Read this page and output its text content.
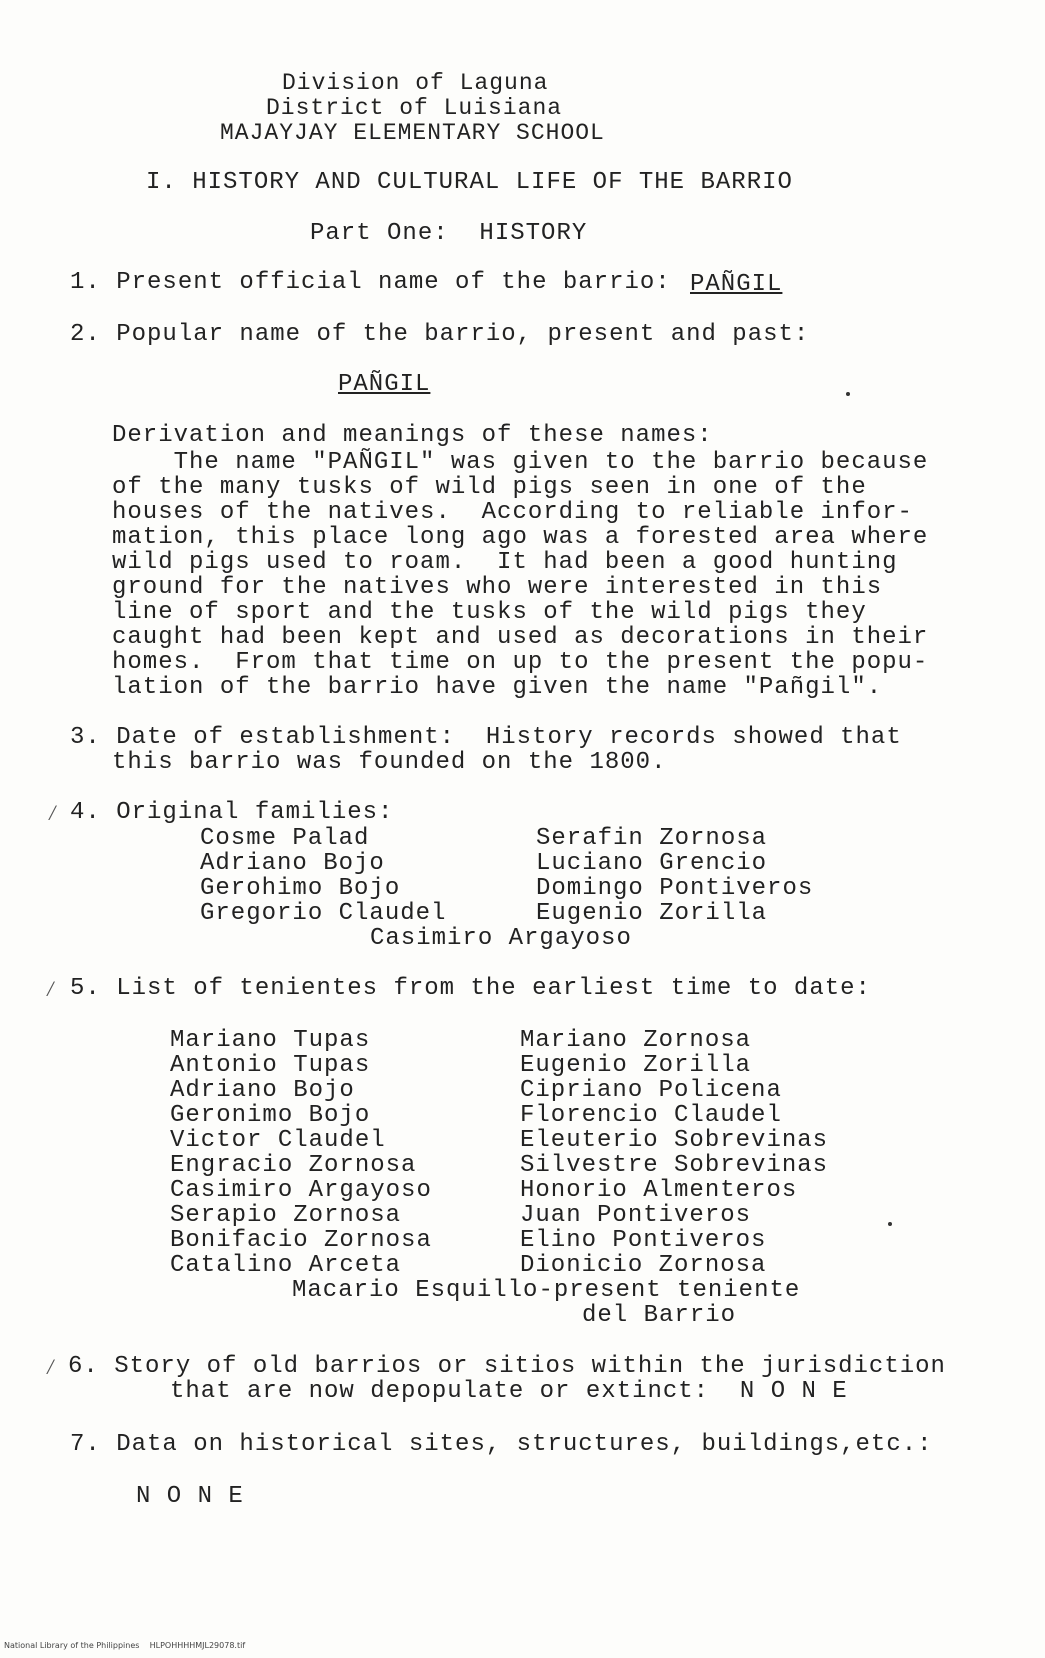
Division of Laguna
District of Luisiana
MAJAYJAY ELEMENTARY SCHOOL
I. HISTORY AND CULTURAL LIFE OF THE BARRIO
Part One:  HISTORY
1. Present official name of the barrio: PAÑGIL
2. Popular name of the barrio, present and past:
PAÑGIL
Derivation and meanings of these names:
The name "PAÑGIL" was given to the barrio because
of the many tusks of wild pigs seen in one of the
houses of the natives.  According to reliable infor-
mation, this place long ago was a forested area where
wild pigs used to roam.  It had been a good hunting
ground for the natives who were interested in this
line of sport and the tusks of the wild pigs they
caught had been kept and used as decorations in their
homes.  From that time on up to the present the popu-
lation of the barrio have given the name "Pañgil".
3. Date of establishment:  History records showed that
this barrio was founded on the 1800.
⁄ 4. Original families:
Cosme Palad
Adriano Bojo
Gerohimo Bojo
Gregorio Claudel
Serafin Zornosa
Luciano Grencio
Domingo Pontiveros
Eugenio Zorilla
Casimiro Argayoso
⁄ 5. List of tenientes from the earliest time to date:
Mariano Tupas
Antonio Tupas
Adriano Bojo
Geronimo Bojo
Victor Claudel
Engracio Zornosa
Casimiro Argayoso
Serapio Zornosa
Bonifacio Zornosa
Catalino Arceta
Mariano Zornosa
Eugenio Zorilla
Cipriano Policena
Florencio Claudel
Eleuterio Sobrevinas
Silvestre Sobrevinas
Honorio Almenteros
Juan Pontiveros
Elino Pontiveros
Dionicio Zornosa
Macario Esquillo-present teniente
del Barrio
⁄ 6. Story of old barrios or sitios within the jurisdiction
that are now depopulate or extinct:  N O N E
7. Data on historical sites, structures, buildings,etc.:
N O N E
National Library of the Philippines    HLPOHHHHMJL29078.tif
